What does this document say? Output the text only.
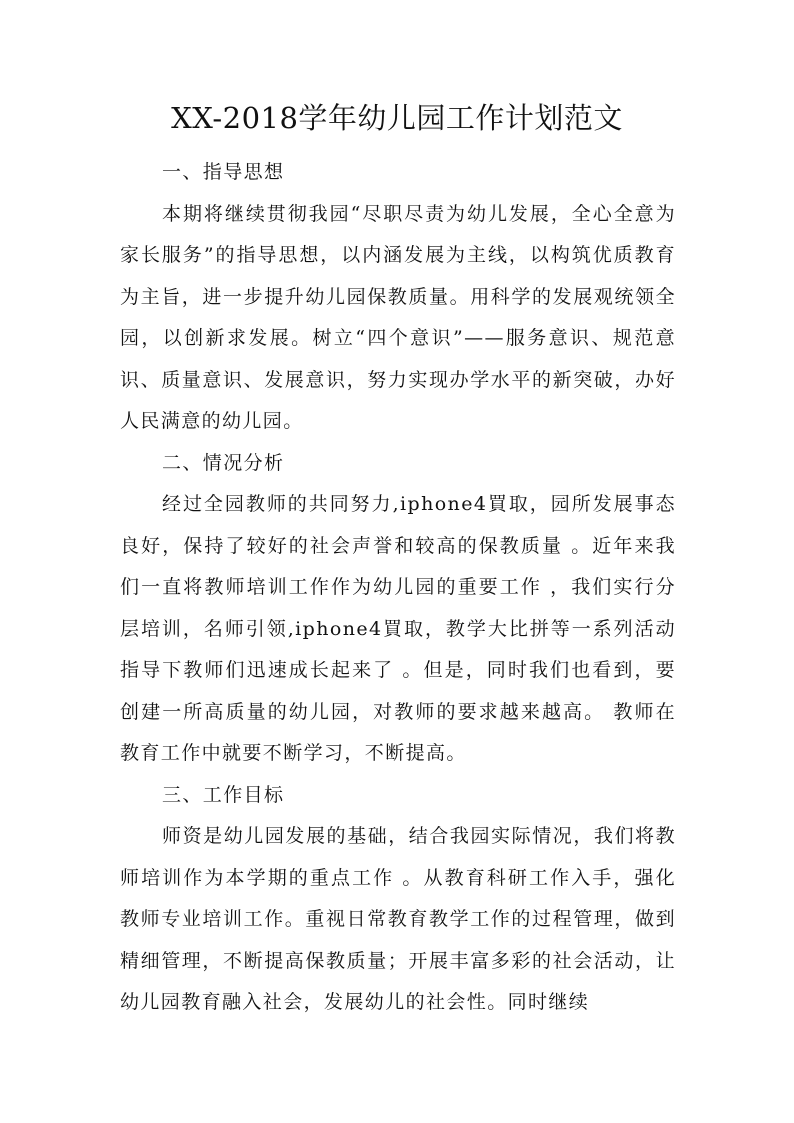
XX-2018学年幼儿园工作计划范文

一、指导思想

本期将继续贯彻我园“尽职尽责为幼儿发展，全心全意为家长服务”的指导思想，以内涵发展为主线，以构筑优质教育为主旨，进一步提升幼儿园保教质量。用科学的发展观统领全园，以创新求发展。树立“四个意识”——服务意识、规范意识、质量意识、发展意识，努力实现办学水平的新突破，办好人民满意的幼儿园。

二、情况分析

经过全园教师的共同努力,iphone4買取，园所发展事态良好，保持了较好的社会声誉和较高的保教质量 。近年来我们一直将教师培训工作作为幼儿园的重要工作 ，我们实行分层培训，名师引领,iphone4買取，教学大比拼等一系列活动指导下教师们迅速成长起来了 。但是，同时我们也看到，要创建一所高质量的幼儿园，对教师的要求越来越高。 教师在教育工作中就要不断学习，不断提高。

三、工作目标

师资是幼儿园发展的基础，结合我园实际情况，我们将教师培训作为本学期的重点工作 。从教育科研工作入手，强化教师专业培训工作。重视日常教育教学工作的过程管理，做到精细管理，不断提高保教质量；开展丰富多彩的社会活动，让幼儿园教育融入社会，发展幼儿的社会性。同时继续
